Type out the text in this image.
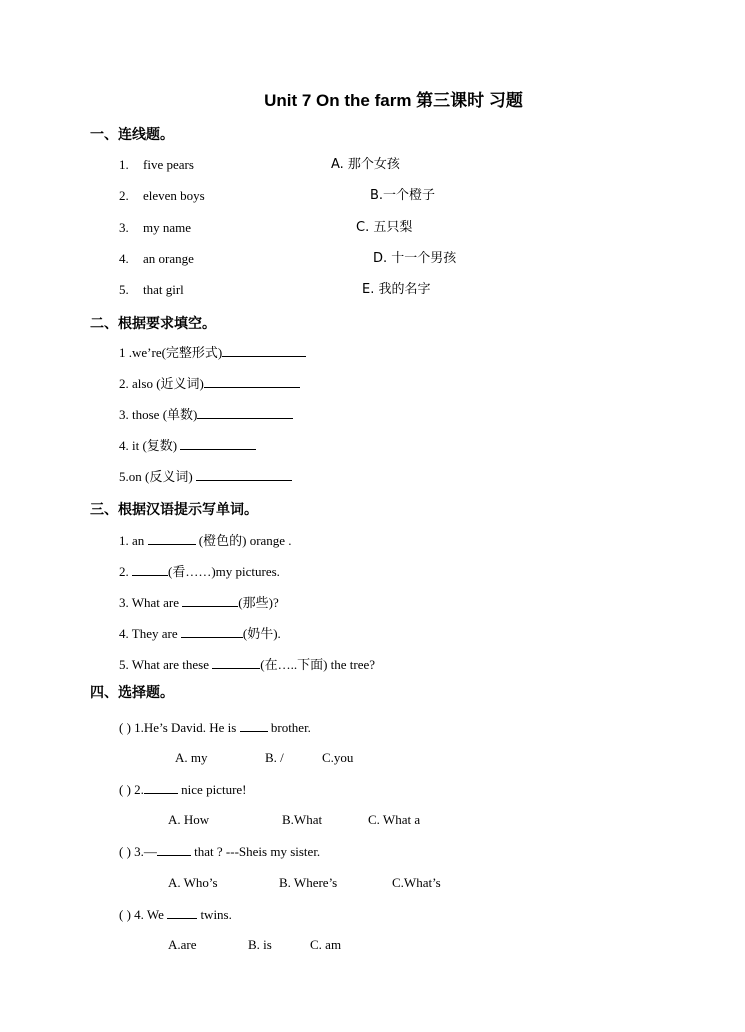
Unit 7 On the farm 第三课时 习题
一、连线题。
1. five pears	A. 那个女孩
2. eleven boys	B.一个橙子
3. my name	C. 五只梨
4. an orange	D. 十一个男孩
5. that girl	E. 我的名字
二、根据要求填空。
1 .we’re(完整形式)
2. also (近义词)
3. those (单数)
4. it (复数)
5.on (反义词)
三、根据汉语提示写单词。
1. an	(橙色的) orange .
2.	(看……)my pictures.
3. What are	(那些)?
4. They are	(奶牛).
5. What are these	(在…..下面) the tree?
四、选择题。
( ) 1.He’s David. He is  brother.
A. my	B. /	C.you
( ) 2.	nice picture!
A. How	B.What	C. What a
( ) 3.—	that ? ---Sheis my sister.
A. Who’s	B. Where’s	C.What’s
( ) 4. We  twins.
A.are	B. is	C. am
